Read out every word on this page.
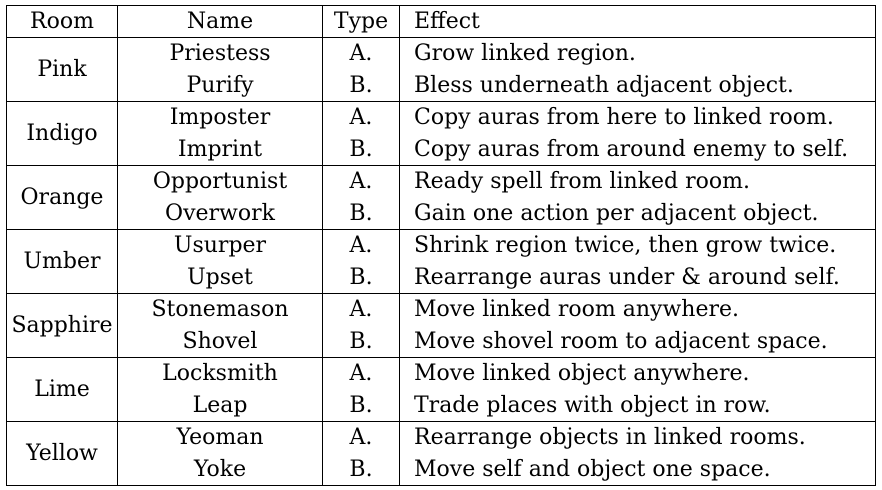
Room	Name	Type	Effect
Pink	Priestess	A.	Grow linked region.
	Purify	B.	Bless underneath adjacent object.
Indigo	Imposter	A.	Copy auras from here to linked room.
	Imprint	B.	Copy auras from around enemy to self.
Orange	Opportunist	A.	Ready spell from linked room.
	Overwork	B.	Gain one action per adjacent object.
Umber	Usurper	A.	Shrink region twice, then grow twice.
	Upset	B.	Rearrange auras under & around self.
Sapphire	Stonemason	A.	Move linked room anywhere.
	Shovel	B.	Move shovel room to adjacent space.
Lime	Locksmith	A.	Move linked object anywhere.
	Leap	B.	Trade places with object in row.
Yellow	Yeoman	A.	Rearrange objects in linked rooms.
	Yoke	B.	Move self and object one space.
